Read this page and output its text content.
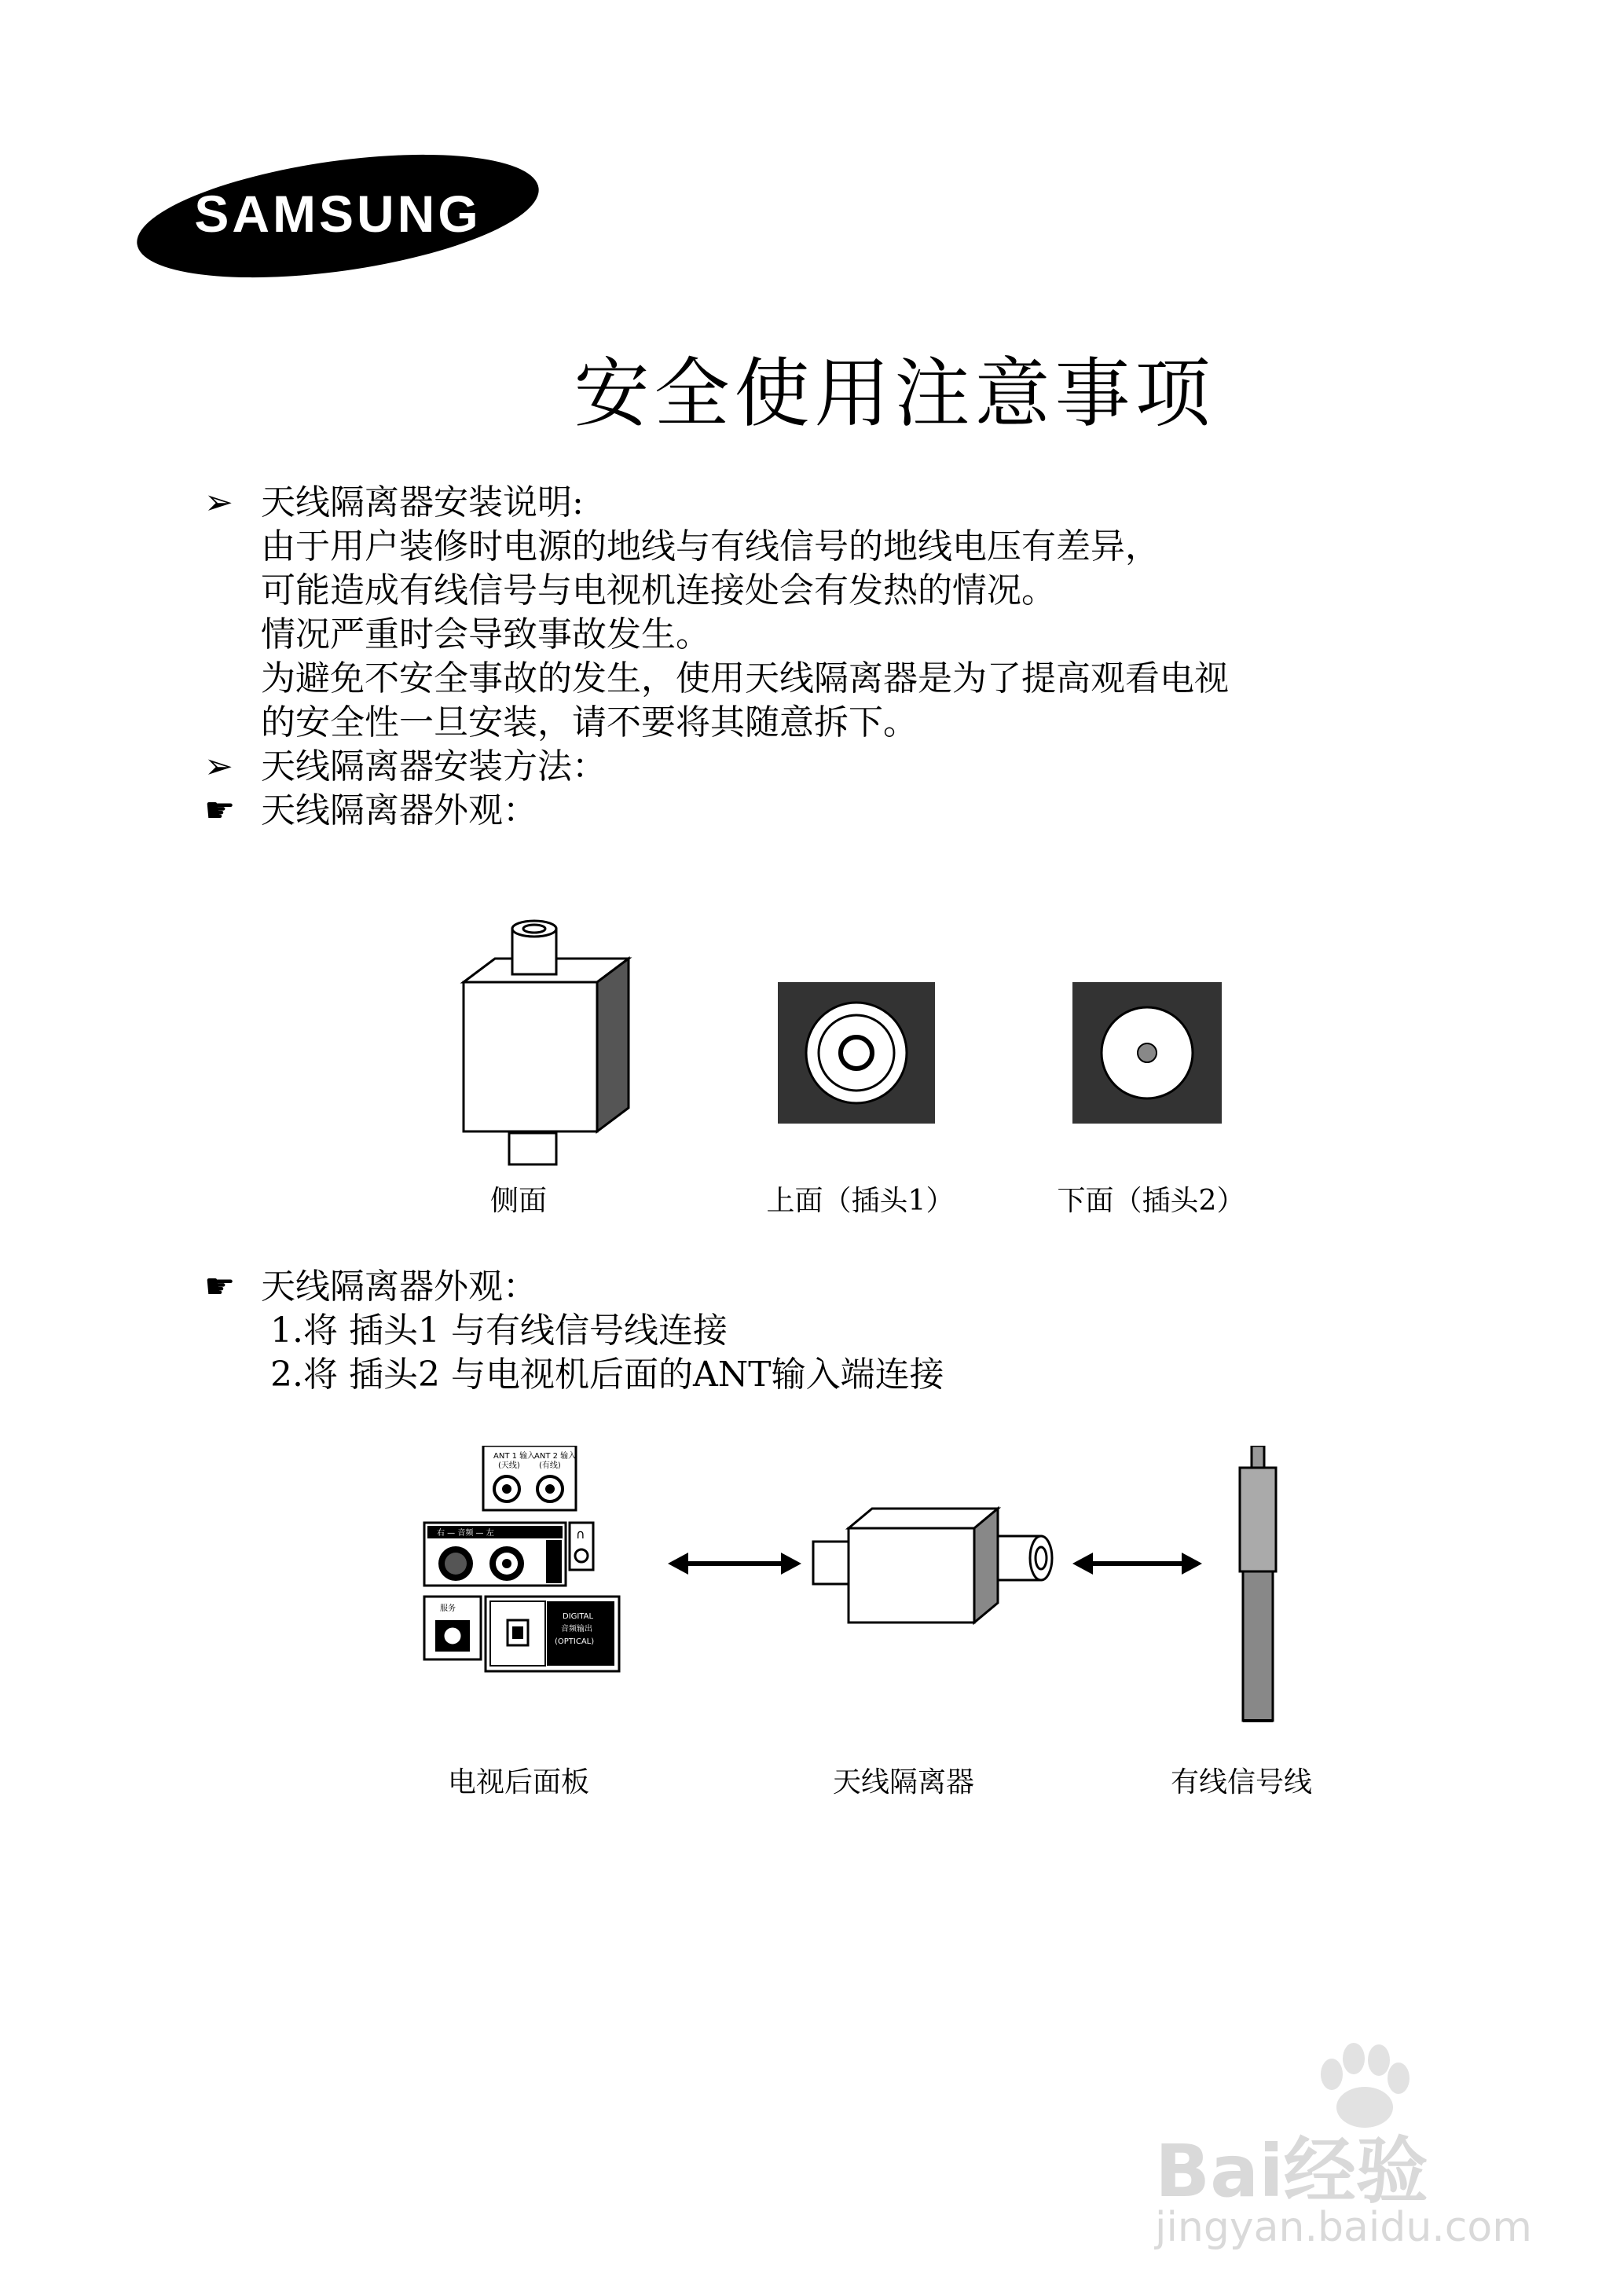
SAMSUNG
安全使用注意事项
➢ 天线隔离器安装说明:
由于用户装修时电源的地线与有线信号的地线电压有差异，
可能造成有线信号与电视机连接处会有发热的情况。
情况严重时会导致事故发生。
为避免不安全事故的发生，使用天线隔离器是为了提高观看电视
的安全性一旦安装，请不要将其随意拆下。
➢ 天线隔离器安装方法：
☛ 天线隔离器外观：
侧面	上面（插头1）	下面（插头2）
☛ 天线隔离器外观：
1.将 插头1 与有线信号线连接
2.将 插头2 与电视机后面的ANT输入端连接
ANT 1 输入
(天线)
ANT 2 输入
(有线)
右 — 音频 — 左	∩
服务
DIGITAL
音频输出
(OPTICAL)
电视后面板	天线隔离器	有线信号线
Bai经验
jingyan.baidu.com
